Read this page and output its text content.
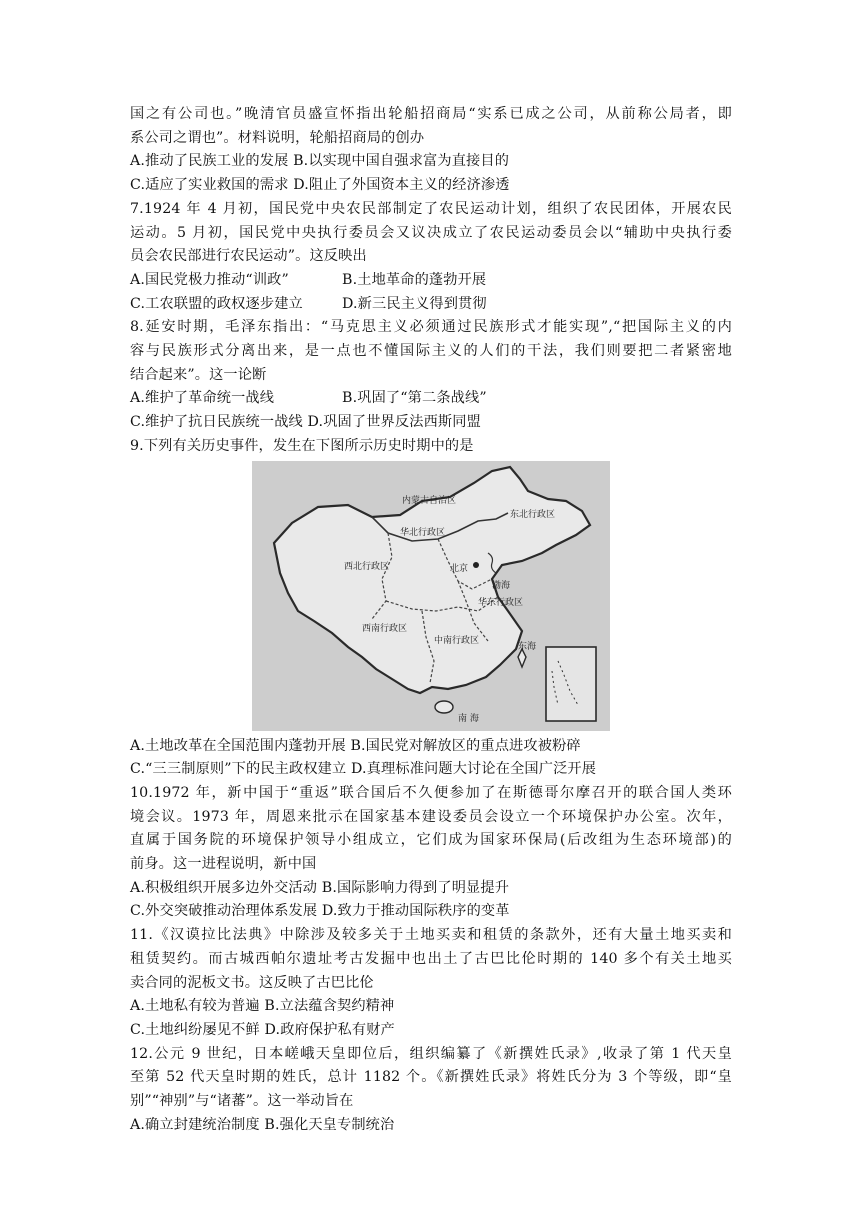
国之有公司也。”晚清官员盛宣怀指出轮船招商局“实系已成之公司，从前称公局者，即
系公司之谓也”。材料说明，轮船招商局的创办
A.推动了民族工业的发展 B.以实现中国自强求富为直接目的
C.适应了实业救国的需求 D.阻止了外国资本主义的经济渗透
7.1924 年 4 月初，国民党中央农民部制定了农民运动计划，组织了农民团体，开展农民
运动。5 月初，国民党中央执行委员会又议决成立了农民运动委员会以“辅助中央执行委
员会农民部进行农民运动”。这反映出
A.国民党极力推动“训政”	B.土地革命的蓬勃开展
C.工农联盟的政权逐步建立	D.新三民主义得到贯彻
8.延安时期，毛泽东指出：“马克思主义必须通过民族形式才能实现”,“把国际主义的内
容与民族形式分离出来，是一点也不懂国际主义的人们的干法，我们则要把二者紧密地
结合起来”。这一论断
A.维护了革命统一战线	B.巩固了“第二条战线”
C.维护了抗日民族统一战线 D.巩固了世界反法西斯同盟
9.下列有关历史事件，发生在下图所示历史时期中的是
内蒙古自治区
东北行政区
华北行政区
西北行政区	北京
渤海
华东行政区
西南行政区
中南行政区
东海
南 海
A.土地改革在全国范围内蓬勃开展 B.国民党对解放区的重点进攻被粉碎
C.“三三制原则”下的民主政权建立 D.真理标准问题大讨论在全国广泛开展
10.1972 年，新中国于“重返”联合国后不久便参加了在斯德哥尔摩召开的联合国人类环
境会议。1973 年，周恩来批示在国家基本建设委员会设立一个环境保护办公室。次年，
直属于国务院的环境保护领导小组成立，它们成为国家环保局(后改组为生态环境部)的
前身。这一进程说明，新中国
A.积极组织开展多边外交活动 B.国际影响力得到了明显提升
C.外交突破推动治理体系发展 D.致力于推动国际秩序的变革
11.《汉谟拉比法典》中除涉及较多关于土地买卖和租赁的条款外，还有大量土地买卖和
租赁契约。而古城西帕尔遗址考古发掘中也出土了古巴比伦时期的 140 多个有关土地买
卖合同的泥板文书。这反映了古巴比伦
A.土地私有较为普遍 B.立法蕴含契约精神
C.土地纠纷屡见不鲜 D.政府保护私有财产
12.公元 9 世纪，日本嵯峨天皇即位后，组织编纂了《新撰姓氏录》,收录了第 1 代天皇
至第 52 代天皇时期的姓氏，总计 1182 个。《新撰姓氏录》将姓氏分为 3 个等级，即“皇
别”“神别”与“诸蕃”。这一举动旨在
A.确立封建统治制度 B.强化天皇专制统治
